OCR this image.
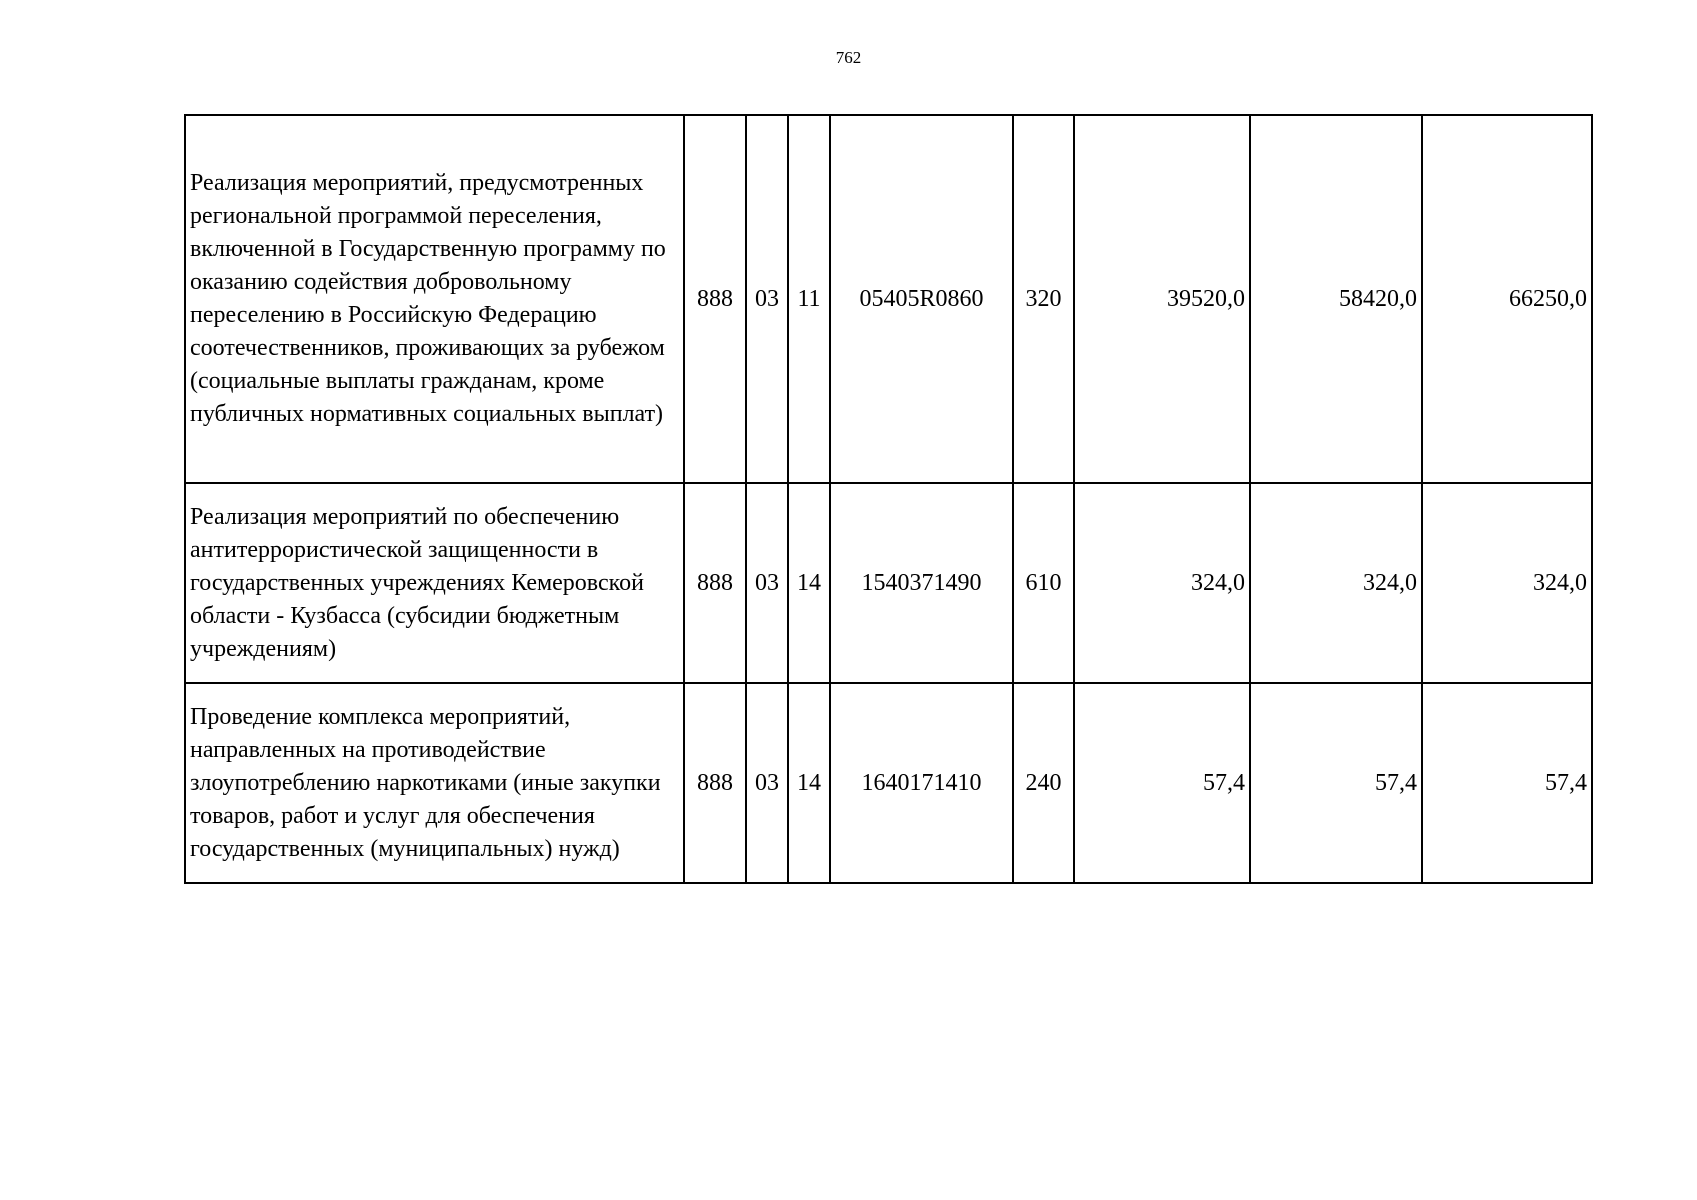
762
Реализация мероприятий, предусмотренных региональной программой переселения, включенной в Государственную программу по оказанию содействия добровольному переселению в Российскую Федерацию соотечественников, проживающих за рубежом (социальные выплаты гражданам, кроме публичных нормативных социальных выплат)	888	03	11	05405R0860	320	39520,0	58420,0	66250,0
Реализация мероприятий по обеспечению антитеррористической защищенности в государственных учреждениях Кемеровской области - Кузбасса (субсидии бюджетным учреждениям)	888	03	14	1540371490	610	324,0	324,0	324,0
Проведение комплекса мероприятий, направленных на противодействие злоупотреблению наркотиками (иные закупки товаров, работ и услуг для обеспечения государственных (муниципальных) нужд)	888	03	14	1640171410	240	57,4	57,4	57,4
